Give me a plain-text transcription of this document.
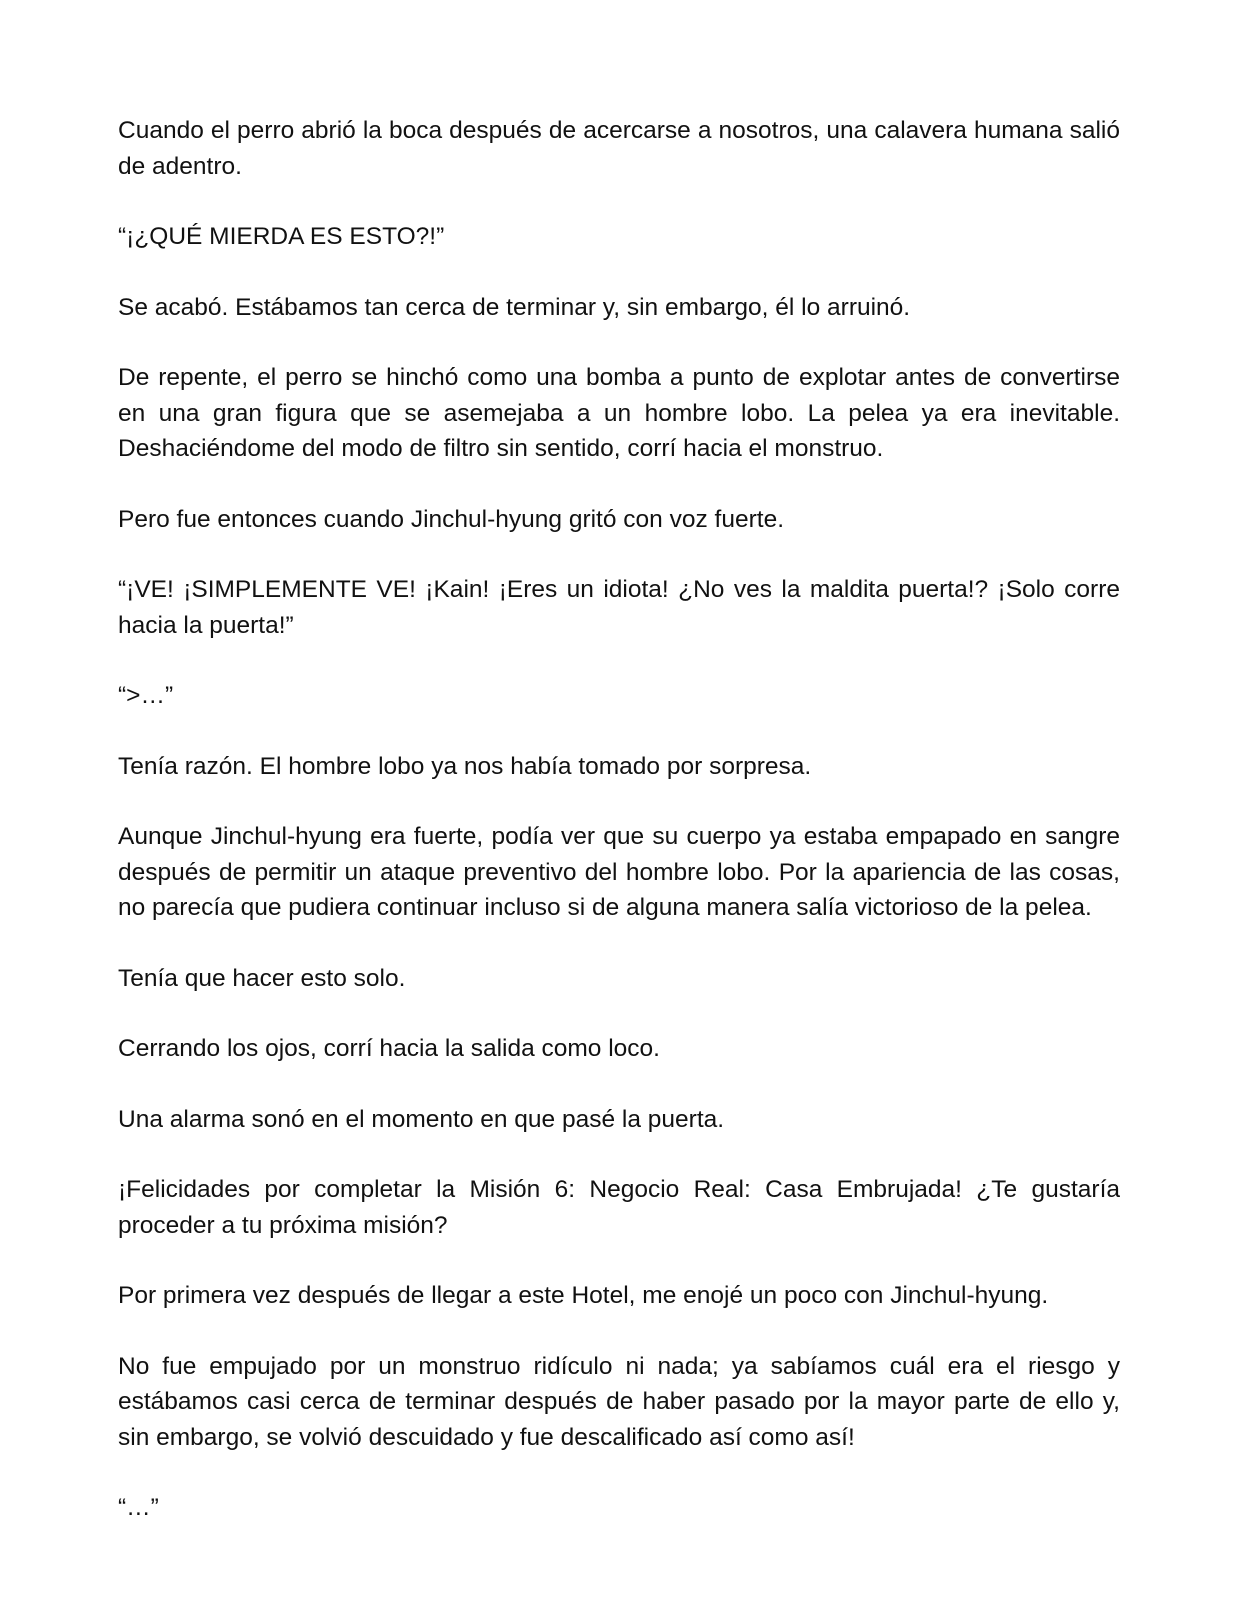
Cuando el perro abrió la boca después de acercarse a nosotros, una calavera humana salió de adentro.

“¡¿QUÉ MIERDA ES ESTO?!”

Se acabó. Estábamos tan cerca de terminar y, sin embargo, él lo arruinó.

De repente, el perro se hinchó como una bomba a punto de explotar antes de convertirse en una gran figura que se asemejaba a un hombre lobo. La pelea ya era inevitable. Deshaciéndome del modo de filtro sin sentido, corrí hacia el monstruo.

Pero fue entonces cuando Jinchul-hyung gritó con voz fuerte.

“¡VE! ¡SIMPLEMENTE VE! ¡Kain! ¡Eres un idiota! ¿No ves la maldita puerta!? ¡Solo corre hacia la puerta!”

“>…”

Tenía razón. El hombre lobo ya nos había tomado por sorpresa.

Aunque Jinchul-hyung era fuerte, podía ver que su cuerpo ya estaba empapado en sangre después de permitir un ataque preventivo del hombre lobo. Por la apariencia de las cosas, no parecía que pudiera continuar incluso si de alguna manera salía victorioso de la pelea.

Tenía que hacer esto solo.

Cerrando los ojos, corrí hacia la salida como loco.

Una alarma sonó en el momento en que pasé la puerta.

¡Felicidades por completar la Misión 6: Negocio Real: Casa Embrujada! ¿Te gustaría proceder a tu próxima misión?

Por primera vez después de llegar a este Hotel, me enojé un poco con Jinchul-hyung.

No fue empujado por un monstruo ridículo ni nada; ya sabíamos cuál era el riesgo y estábamos casi cerca de terminar después de haber pasado por la mayor parte de ello y, sin embargo, se volvió descuidado y fue descalificado así como así!

“…”
